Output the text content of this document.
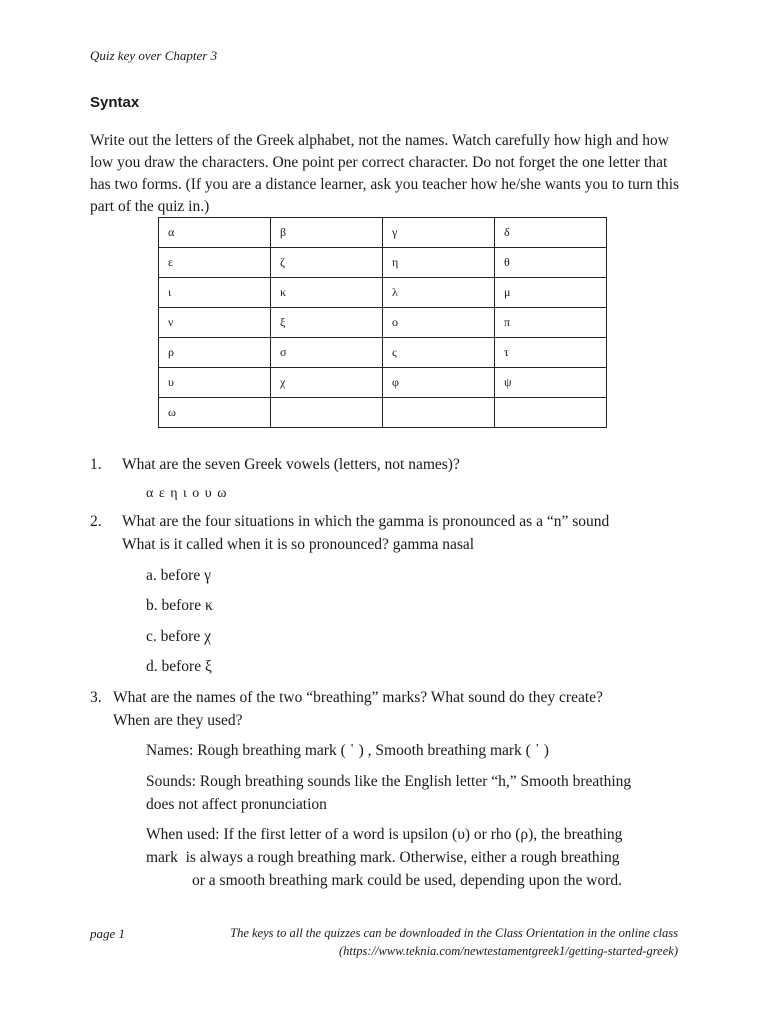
Quiz key over Chapter 3
Syntax
Write out the letters of the Greek alphabet, not the names. Watch carefully how high and how low you draw the characters. One point per correct character. Do not forget the one letter that has two forms. (If you are a distance learner, ask you teacher how he/she wants you to turn this part of the quiz in.)
α	β	γ	δ
ε	ζ	η	θ
ι	κ	λ	μ
ν	ξ	ο	π
ρ	σ	ς	τ
υ	χ	φ	ψ
ω			
1. What are the seven Greek vowels (letters, not names)?
α ε η ι ο υ ω
2. What are the four situations in which the gamma is pronounced as a “n” sound
What is it called when it is so pronounced? gamma nasal
a. before γ
b. before κ
c. before χ
d. before ξ
3. What are the names of the two “breathing” marks? What sound do they create?
When are they used?
Names: Rough breathing mark ( ῾ ) , Smooth breathing mark ( ᾿ )
Sounds: Rough breathing sounds like the English letter “h,” Smooth breathing
does not affect pronunciation
When used: If the first letter of a word is upsilon (υ) or rho (ρ), the breathing
mark  is always a rough breathing mark. Otherwise, either a rough breathing
or a smooth breathing mark could be used, depending upon the word.
page 1	The keys to all the quizzes can be downloaded in the Class Orientation in the online class
(https://www.teknia.com/newtestamentgreek1/getting-started-greek)
